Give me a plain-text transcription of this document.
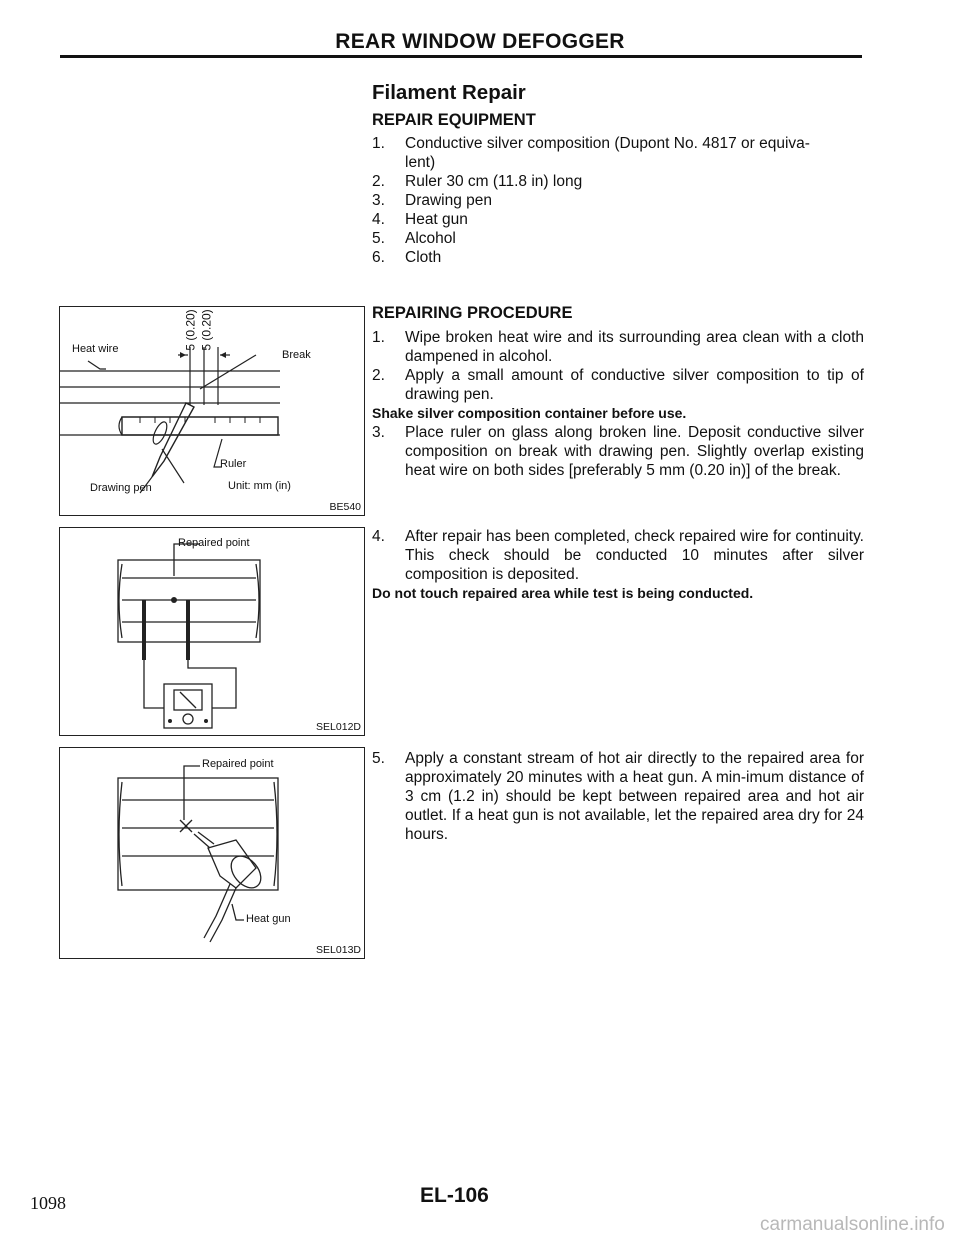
REAR WINDOW DEFOGGER
Filament Repair
REPAIR EQUIPMENT
1. Conductive silver composition (Dupont No. 4817 or equiva-
lent)
2. Ruler 30 cm (11.8 in) long
3. Drawing pen
4. Heat gun
5. Alcohol
6. Cloth
REPAIRING PROCEDURE
1. Wipe broken heat wire and its surrounding area clean with a cloth dampened in alcohol.
2. Apply a small amount of conductive silver composition to tip of drawing pen.
Shake silver composition container before use.
3. Place ruler on glass along broken line. Deposit conductive silver composition on break with drawing pen. Slightly overlap existing heat wire on both sides [preferably 5 mm (0.20 in)] of the break.
4. After repair has been completed, check repaired wire for continuity. This check should be conducted 10 minutes after silver composition is deposited.
Do not touch repaired area while test is being conducted.
5. Apply a constant stream of hot air directly to the repaired area for approximately 20 minutes with a heat gun. A min-imum distance of 3 cm (1.2 in) should be kept between repaired area and hot air outlet. If a heat gun is not available, let the repaired area dry for 24 hours.
Heat wire	Break
Ruler
Drawing pen	Unit: mm (in)
5 (0.20) 5 (0.20)
BE540
Repaired point
SEL012D
Repaired point
Heat gun
SEL013D
1098	EL-106
carmanualsonline.info
